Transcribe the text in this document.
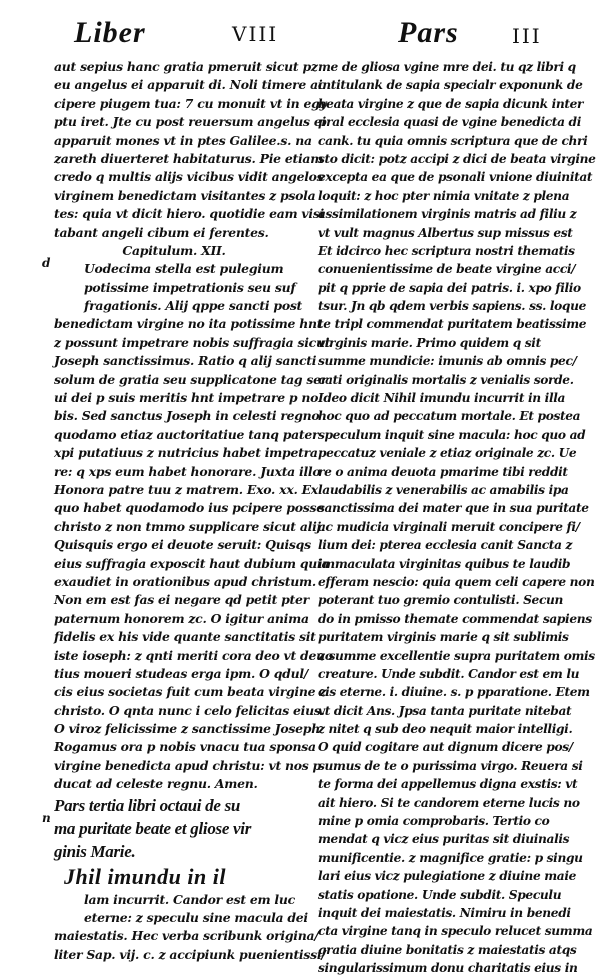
Liber	VIII	Pars	III
d
n
aut sepius hanc gratia pmeruit sicut pz
eu angelus ei apparuit di. Noli timere ac
cipere piugem tua: 7 cu monuit vt in egy
ptu iret. Jte cu post reuersum angelus ei
apparuit mones vt in ptes Galilee.s. na
zareth diuerteret habitaturus. Pie etiam
credo q multis alijs vicibus vidit angelos
virginem benedictam visitantes z psola
tes: quia vt dicit hiero. quotidie eam visi
tabant angeli cibum ei ferentes.
Capitulum. XII.
Uodecima stella est pulegium
potissime impetrationis seu suf
fragationis. Alij qppe sancti post
benedictam virgine no ita potissime hnt
z possunt impetrare nobis suffragia sicut
Joseph sanctissimus. Ratio q alij sancti
solum de gratia seu supplicatone tag ser
ui dei p suis meritis hnt impetrare p no
bis. Sed sanctus Joseph in celesti regno
quodamo etiaz auctoritatiue tanq pater
xpi putatiuus z nutricius habet impetra
re: q xps eum habet honorare. Juxta illo
Honora patre tuu z matrem. Exo. xx. Ex
quo habet quodamodo ius pcipere posse
christo z non tmmo supplicare sicut alij.
Quisquis ergo ei deuote seruit: Quisqs
eius suffragia exposcit haut dubium quia
exaudiet in orationibus apud christum.
Non em est fas ei negare qd petit pter
paternum honorem zc. O igitur anima
fidelis ex his vide quante sanctitatis sit
iste ioseph: z qnti meriti cora deo vt deuo
tius moueri studeas erga ipm. O qdul/
cis eius societas fuit cum beata virgine z
christo. O qnta nunc i celo felicitas eius.
O viroz felicissime z sanctissime Joseph
Rogamus ora p nobis vnacu tua sponsa
virgine benedicta apud christu: vt nos p
ducat ad celeste regnu. Amen.
Pars tertia libri octaui de su
ma puritate beate et gliose vir
ginis Marie.
Jhil imundu in il
lam incurrit. Candor est em luc
eterne: z speculu sine macula dei
maiestatis. Hec verba scribunk origina/
liter Sap. vij. c. z accipiunk puenientissi/
me de gliosa vgine mre dei. tu qz libri q
intitulank de sapia specialr exponunk de
beata virgine z que de sapia dicunk inter
pral ecclesia quasi de vgine benedicta di
cank. tu quia omnis scriptura que de chri
sto dicit: potz accipi z dici de beata virgine
excepta ea que de psonali vnione diuinitat
loquit: z hoc pter nimia vnitate z plena
assimilationem virginis matris ad filiu z
vt vult magnus Albertus sup missus est
Et idcirco hec scriptura nostri thematis
conuenientissime de beate virgine acci/
pit q pprie de sapia dei patris. i. xpo filio
tsur. Jn qb qdem verbis sapiens. ss. loque
te tripl commendat puritatem beatissime
virginis marie. Primo quidem q sit
summe mundicie: imunis ab omnis pec/
cati originalis mortalis z venialis sorde.
Ideo dicit Nihil imundu incurrit in illa
hoc quo ad peccatum mortale. Et postea
speculum inquit sine macula: hoc quo ad
peccatuz veniale z etiaz originale zc. Ue
re o anima deuota pmarime tibi reddit
laudabilis z venerabilis ac amabilis ipa
sanctissima dei mater que in sua puritate
ac mudicia virginali meruit concipere fi/
lium dei: pterea ecclesia canit Sancta z
immaculata virginitas quibus te laudib
efferam nescio: quia quem celi capere non
poterant tuo gremio contulisti. Secun
do in pmisso themate commendat sapiens
puritatem virginis marie q sit sublimis
z summe excellentie supra puritatem omis
creature. Unde subdit. Candor est em lu
cis eterne. i. diuine. s. p pparatione. Etem
vt dicit Ans. Jpsa tanta puritate nitebat
z nitet q sub deo nequit maior intelligi.
O quid cogitare aut dignum dicere pos/
sumus de te o purissima virgo. Reuera si
te forma dei appellemus digna exstis: vt
ait hiero. Si te candorem eterne lucis no
mine p omia comprobaris. Tertio co
mendat q vicz eius puritas sit diuinalis
munificentie. z magnifice gratie: p singu
lari eius vicz pulegiatione z diuine maie
statis opatione. Unde subdit. Speculu
inquit dei maiestatis. Nimiru in benedi
cta virgine tanq in speculo relucet summa
gratia diuine bonitatis z maiestatis atqs
singularissimum donu charitatis eius in
